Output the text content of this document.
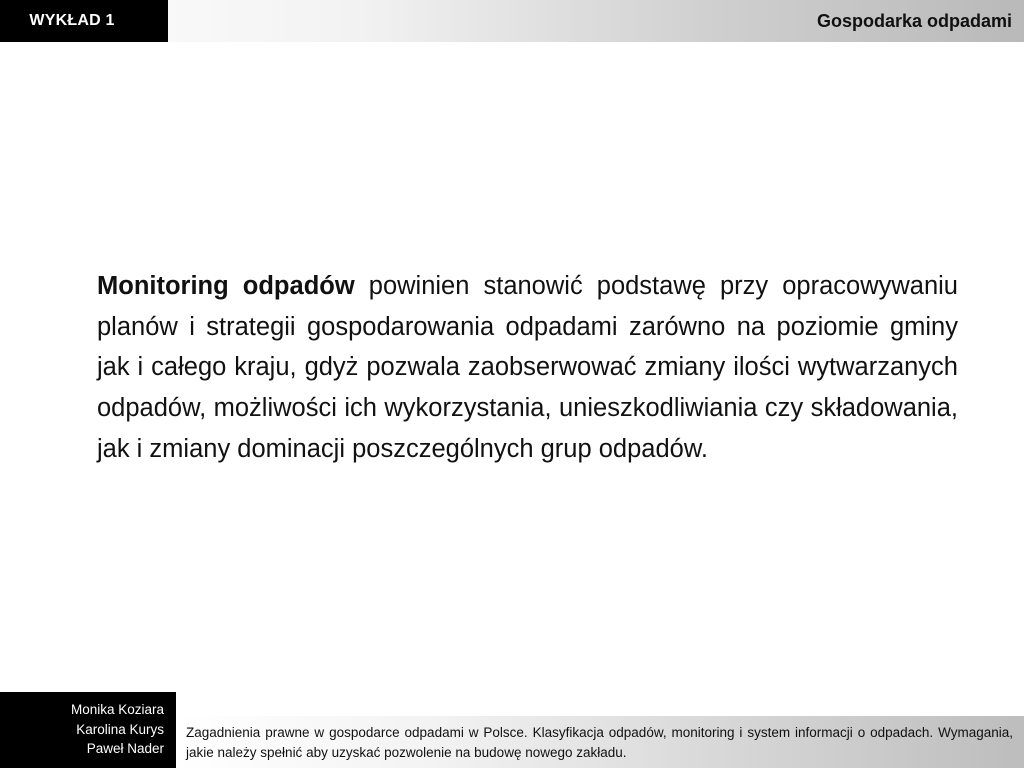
WYKŁAD 1	Gospodarka odpadami
Monitoring odpadów powinien stanowić podstawę przy opracowywaniu planów i strategii gospodarowania odpadami zarówno na poziomie gminy jak i całego kraju, gdyż pozwala zaobserwować zmiany ilości wytwarzanych odpadów, możliwości ich wykorzystania, unieszkodliwiania czy składowania, jak i zmiany dominacji poszczególnych grup odpadów.
Monika Koziara
Karolina Kurys
Paweł Nader
Zagadnienia prawne w gospodarce odpadami w Polsce. Klasyfikacja odpadów, monitoring i system informacji o odpadach. Wymagania, jakie należy spełnić aby uzyskać pozwolenie na budowę nowego zakładu.
